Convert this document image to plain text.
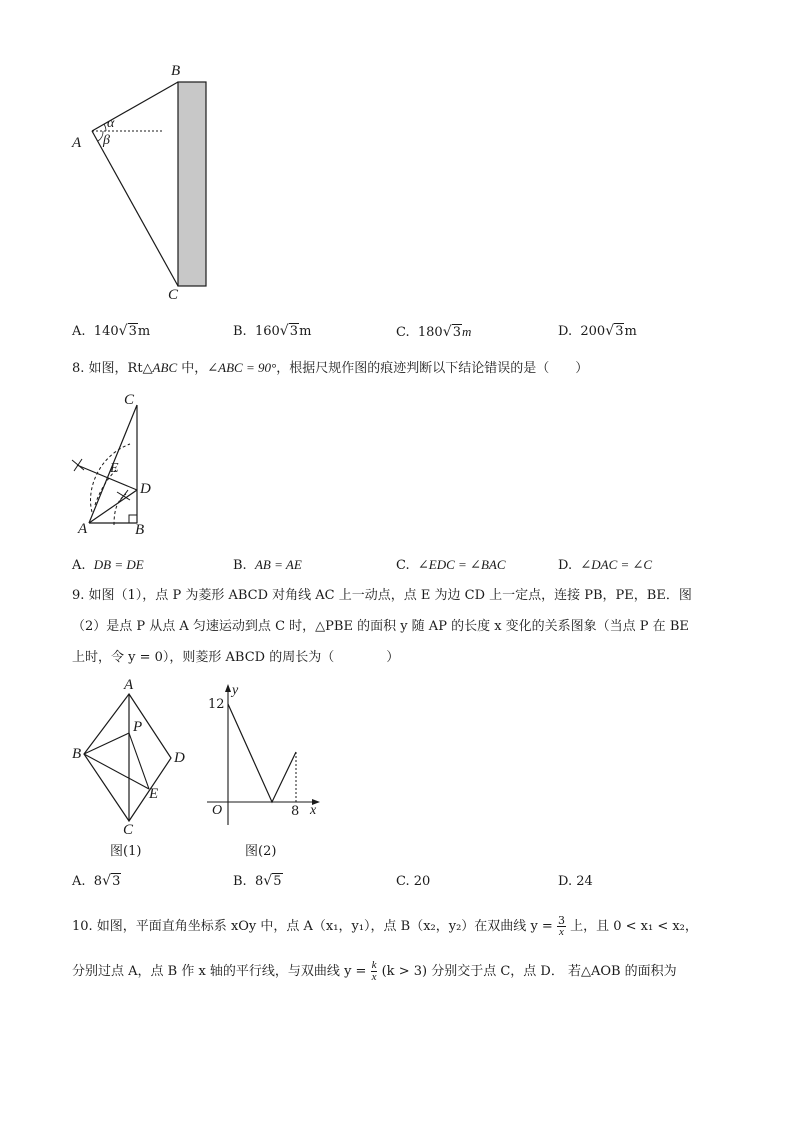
B
A
C
α
β
A. 140 √ 3m	B. 160 √ 3m	C. 180 √ 3m	D. 200 √ 3m
8. 如图，Rt△ABC 中，∠ABC = 90°，根据尺规作图的痕迹判断以下结论错误的是（　　）
C
E
D
A	B
A. DB = DE	B. AB = AE	C. ∠EDC = ∠BAC	D. ∠DAC = ∠C
9. 如图（1），点 P 为菱形 ABCD 对角线 AC 上一动点，点 E 为边 CD 上一定点，连接 PB，PE，BE．图
（2）是点 P 从点 A 匀速运动到点 C 时，△PBE 的面积 y 随 AP 的长度 x 变化的关系图象（当点 P 在 BE
上时，令 y = 0），则菱形 ABCD 的周长为（　　　　）
A
P
B	D
E
C
图(1)
y
12
O	8 x
图(2)
A. 8 √ 3	B. 8 √ 5	C. 20	D. 24
10. 如图，平面直角坐标系 xOy 中，点 A（x₁，y₁），点 B（x₂，y₂）在双曲线 $y = \frac{3}{x}$ 上，且 0 < x₁ < x₂，
分别过点 A，点 B 作 x 轴的平行线，与双曲线 $y = \frac{k}{x} (k > 3)$ 分别交于点 C，点 D． 若△AOB 的面积为
